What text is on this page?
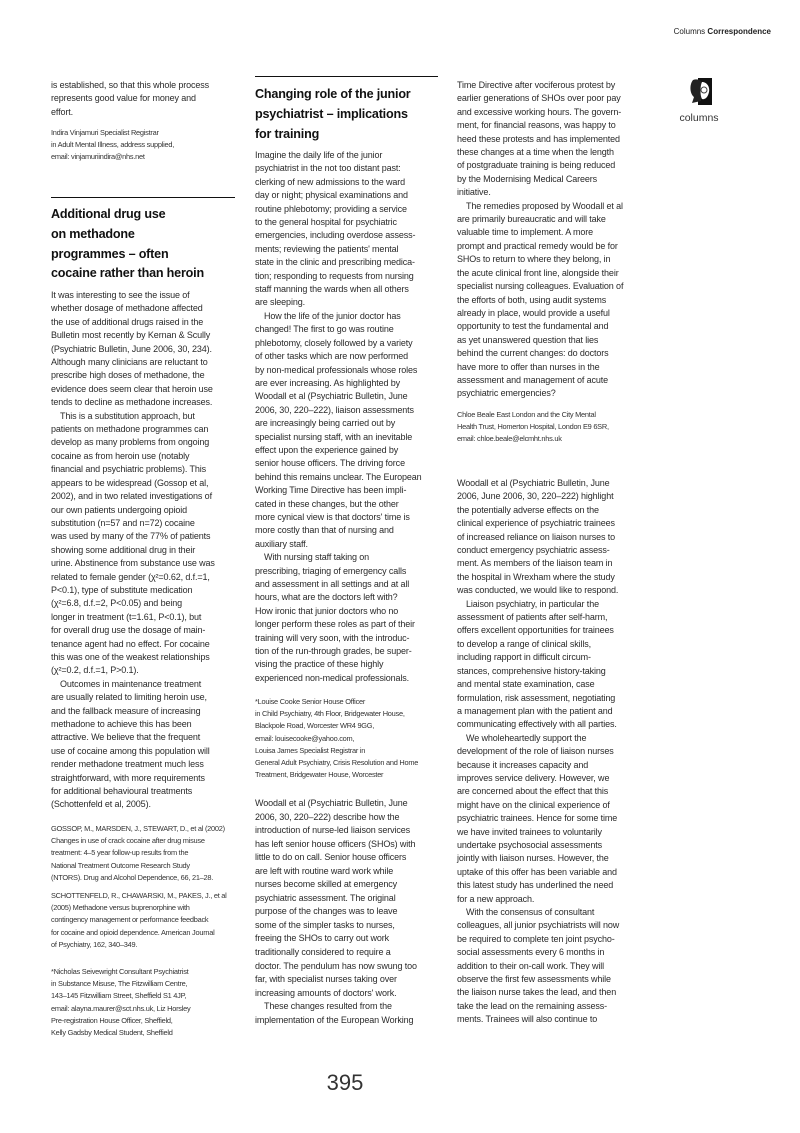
Columns Correspondence
columns
is established, so that this whole process
represents good value for money and
effort.
Indira Vinjamuri Specialist Registrar
in Adult Mental Illness, address supplied,
email: vinjamuriindira@nhs.net
Additional drug use
on methadone
programmes – often
cocaine rather than heroin
It was interesting to see the issue of
whether dosage of methadone affected
the use of additional drugs raised in the
Bulletin most recently by Kernan & Scully
(Psychiatric Bulletin, June 2006, 30, 234).
Although many clinicians are reluctant to
prescribe high doses of methadone, the
evidence does seem clear that heroin use
tends to decline as methadone increases.
This is a substitution approach, but
patients on methadone programmes can
develop as many problems from ongoing
cocaine as from heroin use (notably
financial and psychiatric problems). This
appears to be widespread (Gossop et al,
2002), and in two related investigations of
our own patients undergoing opioid
substitution (n=57 and n=72) cocaine
was used by many of the 77% of patients
showing some additional drug in their
urine. Abstinence from substance use was
related to female gender (χ²=0.62, d.f.=1,
P<0.1), type of substitute medication
(χ²=6.8, d.f.=2, P<0.05) and being
longer in treatment (t=1.61, P<0.1), but
for overall drug use the dosage of main-
tenance agent had no effect. For cocaine
this was one of the weakest relationships
(χ²=0.2, d.f.=1, P>0.1).
Outcomes in maintenance treatment
are usually related to limiting heroin use,
and the fallback measure of increasing
methadone to achieve this has been
attractive. We believe that the frequent
use of cocaine among this population will
render methadone treatment much less
straightforward, with more requirements
for additional behavioural treatments
(Schottenfeld et al, 2005).
GOSSOP, M., MARSDEN, J., STEWART, D., et al (2002)
Changes in use of crack cocaine after drug misuse
treatment: 4–5 year follow-up results from the
National Treatment Outcome Research Study
(NTORS). Drug and Alcohol Dependence, 66, 21–28.
SCHOTTENFELD, R., CHAWARSKI, M., PAKES, J., et al
(2005) Methadone versus buprenorphine with
contingency management or performance feedback
for cocaine and opioid dependence. American Journal
of Psychiatry, 162, 340–349.
*Nicholas Seivewright Consultant Psychiatrist
in Substance Misuse, The Fitzwilliam Centre,
143–145 Fitzwilliam Street, Sheffield S1 4JP,
email: alayna.maurer@sct.nhs.uk, Liz Horsley
Pre-registration House Officer, Sheffield,
Kelly Gadsby Medical Student, Sheffield
Changing role of the junior
psychiatrist – implications
for training
Imagine the daily life of the junior
psychiatrist in the not too distant past:
clerking of new admissions to the ward
day or night; physical examinations and
routine phlebotomy; providing a service
to the general hospital for psychiatric
emergencies, including overdose assess-
ments; reviewing the patients' mental
state in the clinic and prescribing medica-
tion; responding to requests from nursing
staff manning the wards when all others
are sleeping.
How the life of the junior doctor has
changed! The first to go was routine
phlebotomy, closely followed by a variety
of other tasks which are now performed
by non-medical professionals whose roles
are ever increasing. As highlighted by
Woodall et al (Psychiatric Bulletin, June
2006, 30, 220–222), liaison assessments
are increasingly being carried out by
specialist nursing staff, with an inevitable
effect upon the experience gained by
senior house officers. The driving force
behind this remains unclear. The European
Working Time Directive has been impli-
cated in these changes, but the other
more cynical view is that doctors' time is
more costly than that of nursing and
auxiliary staff.
With nursing staff taking on
prescribing, triaging of emergency calls
and assessment in all settings and at all
hours, what are the doctors left with?
How ironic that junior doctors who no
longer perform these roles as part of their
training will very soon, with the introduc-
tion of the run-through grades, be super-
vising the practice of these highly
experienced non-medical professionals.
*Louise Cooke Senior House Officer
in Child Psychiatry, 4th Floor, Bridgewater House,
Blackpole Road, Worcester WR4 9GG,
email: louisecooke@yahoo.com,
Louisa James Specialist Registrar in
General Adult Psychiatry, Crisis Resolution and Home
Treatment, Bridgewater House, Worcester
Woodall et al (Psychiatric Bulletin, June
2006, 30, 220–222) describe how the
introduction of nurse-led liaison services
has left senior house officers (SHOs) with
little to do on call. Senior house officers
are left with routine ward work while
nurses become skilled at emergency
psychiatric assessment. The original
purpose of the changes was to leave
some of the simpler tasks to nurses,
freeing the SHOs to carry out work
traditionally considered to require a
doctor. The pendulum has now swung too
far, with specialist nurses taking over
increasing amounts of doctors' work.
These changes resulted from the
implementation of the European Working
Time Directive after vociferous protest by
earlier generations of SHOs over poor pay
and excessive working hours. The govern-
ment, for financial reasons, was happy to
heed these protests and has implemented
these changes at a time when the length
of postgraduate training is being reduced
by the Modernising Medical Careers
initiative.
The remedies proposed by Woodall et al
are primarily bureaucratic and will take
valuable time to implement. A more
prompt and practical remedy would be for
SHOs to return to where they belong, in
the acute clinical front line, alongside their
specialist nursing colleagues. Evaluation of
the efforts of both, using audit systems
already in place, would provide a useful
opportunity to test the fundamental and
as yet unanswered question that lies
behind the current changes: do doctors
have more to offer than nurses in the
assessment and management of acute
psychiatric emergencies?
Chloe Beale East London and the City Mental
Health Trust, Homerton Hospital, London E9 6SR,
email: chloe.beale@elcmht.nhs.uk
Woodall et al (Psychiatric Bulletin, June
2006, June 2006, 30, 220–222) highlight
the potentially adverse effects on the
clinical experience of psychiatric trainees
of increased reliance on liaison nurses to
conduct emergency psychiatric assess-
ment. As members of the liaison team in
the hospital in Wrexham where the study
was conducted, we would like to respond.
Liaison psychiatry, in particular the
assessment of patients after self-harm,
offers excellent opportunities for trainees
to develop a range of clinical skills,
including rapport in difficult circum-
stances, comprehensive history-taking
and mental state examination, case
formulation, risk assessment, negotiating
a management plan with the patient and
communicating effectively with all parties.
We wholeheartedly support the
development of the role of liaison nurses
because it increases capacity and
improves service delivery. However, we
are concerned about the effect that this
might have on the clinical experience of
psychiatric trainees. Hence for some time
we have invited trainees to voluntarily
undertake psychosocial assessments
jointly with liaison nurses. However, the
uptake of this offer has been variable and
this latest study has underlined the need
for a new approach.
With the consensus of consultant
colleagues, all junior psychiatrists will now
be required to complete ten joint psycho-
social assessments every 6 months in
addition to their on-call work. They will
observe the first few assessments while
the liaison nurse takes the lead, and then
take the lead on the remaining assess-
ments. Trainees will also continue to
395
